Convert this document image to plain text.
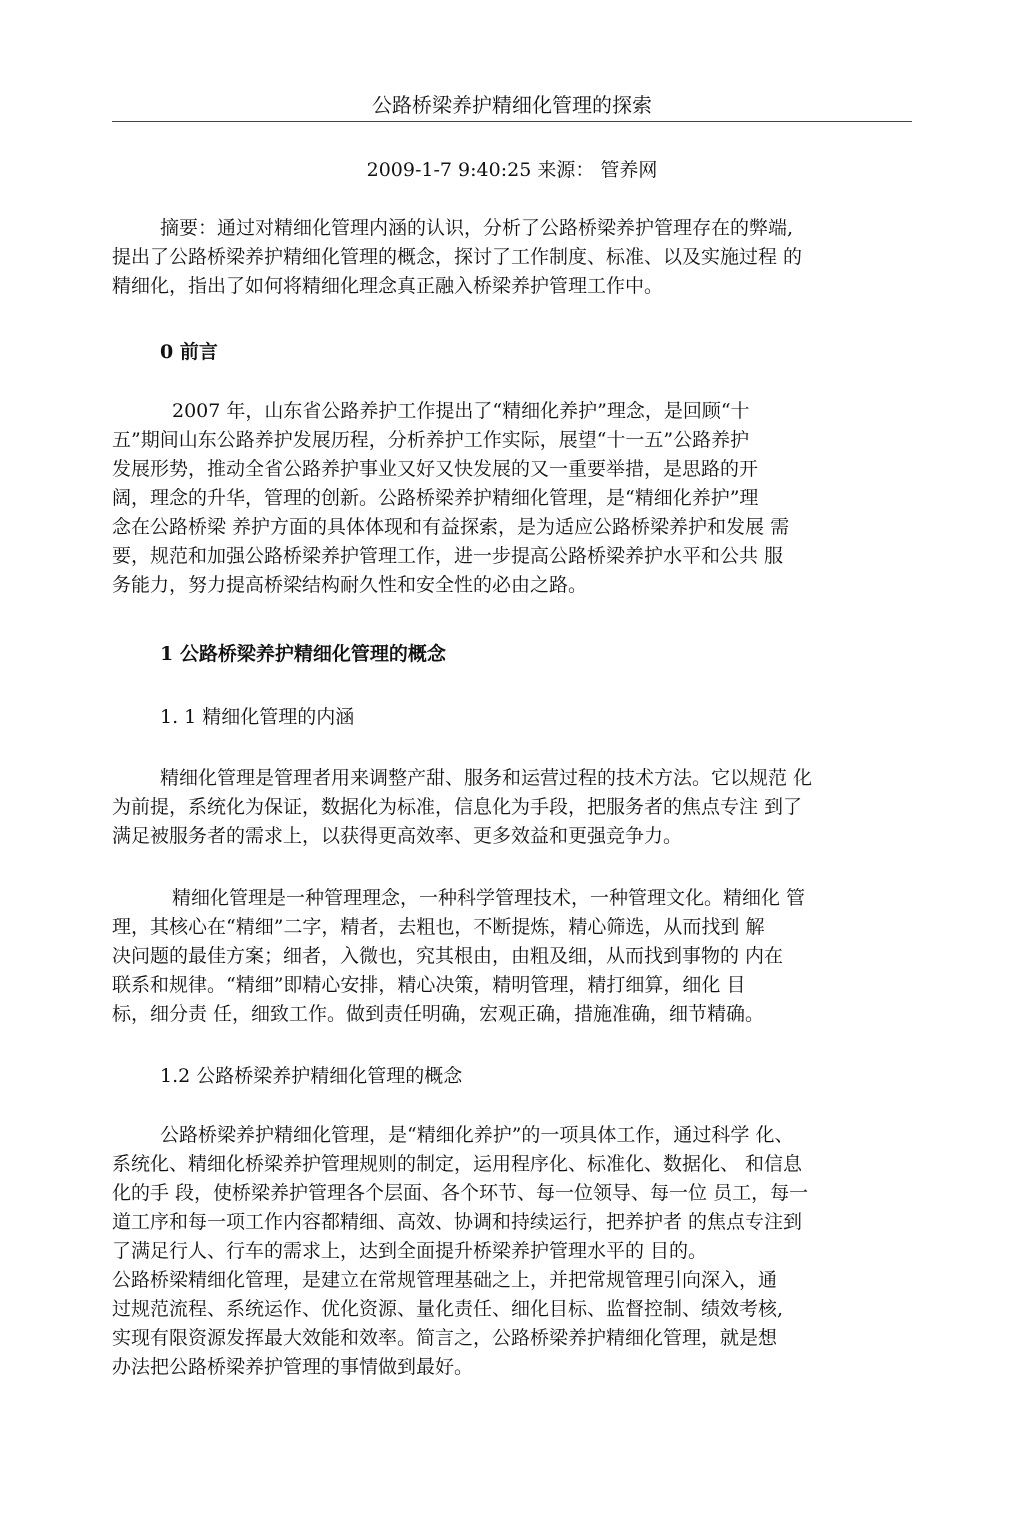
公路桥梁养护精细化管理的探索
2009-1-7 9:40:25 来源： 管养网
摘要：通过对精细化管理内涵的认识，分析了公路桥梁养护管理存在的弊端,
提出了公路桥梁养护精细化管理的概念，探讨了工作制度、标准、以及实施过程 的
精细化，指出了如何将精细化理念真正融入桥梁养护管理工作中。
0 前言
2007 年，山东省公路养护工作提出了“精细化养护”理念，是回顾“十
五”期间山东公路养护发展历程，分析养护工作实际，展望“十一五”公路养护
发展形势，推动全省公路养护事业又好又快发展的又一重要举措，是思路的开
阔，理念的升华，管理的创新。公路桥梁养护精细化管理，是“精细化养护”理
念在公路桥梁 养护方面的具体体现和有益探索，是为适应公路桥梁养护和发展 需
要，规范和加强公路桥梁养护管理工作，进一步提高公路桥梁养护水平和公共 服
务能力，努力提高桥梁结构耐久性和安全性的必由之路。
1 公路桥梁养护精细化管理的概念
1. 1 精细化管理的内涵
精细化管理是管理者用来调整产甜、服务和运营过程的技术方法。它以规范 化
为前提，系统化为保证，数据化为标准，信息化为手段，把服务者的焦点专注 到了
满足被服务者的需求上，以获得更高效率、更多效益和更强竞争力。
精细化管理是一种管理理念，一种科学管理技术，一种管理文化。精细化 管
理，其核心在“精细”二字，精者，去粗也，不断提炼，精心筛选，从而找到 解
决问题的最佳方案；细者，入微也，究其根由，由粗及细，从而找到事物的 内在
联系和规律。“精细”即精心安排，精心决策，精明管理，精打细算，细化 目
标，细分责 任，细致工作。做到责任明确，宏观正确，措施准确，细节精确。
1.2 公路桥梁养护精细化管理的概念
公路桥梁养护精细化管理，是“精细化养护”的一项具体工作，通过科学 化、
系统化、精细化桥梁养护管理规则的制定，运用程序化、标准化、数据化、 和信息
化的手 段，使桥梁养护管理各个层面、各个环节、每一位领导、每一位 员工，每一
道工序和每一项工作内容都精细、高效、协调和持续运行，把养护者 的焦点专注到
了满足行人、行车的需求上，达到全面提升桥梁养护管理水平的 目的。
公路桥梁精细化管理，是建立在常规管理基础之上，并把常规管理引向深入，通
过规范流程、系统运作、优化资源、量化责任、细化目标、监督控制、绩效考核,
实现有限资源发挥最大效能和效率。简言之，公路桥梁养护精细化管理，就是想
办法把公路桥梁养护管理的事情做到最好。
